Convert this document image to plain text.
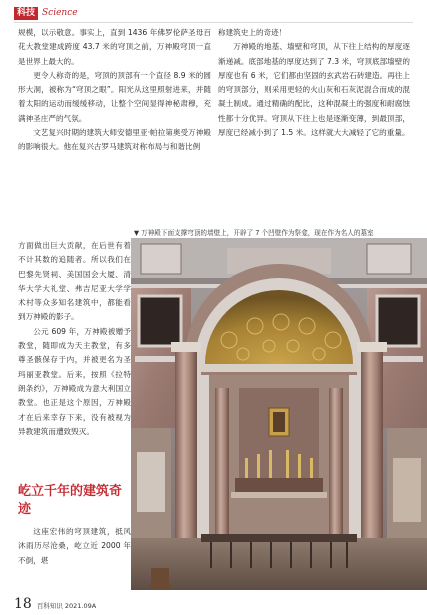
科技 Science

规模，以示敬意。事实上，直到 1436 年佛罗伦萨圣母百花大教堂建成跨度 43.7 米的穹顶之前，万神殿穹顶一直是世界上最大的。

更令人称奇的是，穹顶的顶部有一个直径 8.9 米的圆形大洞，被称为“穹顶之眼”。阳光从这里照射进来，并随着太阳的运动而缓缓移动，让整个空间显得神秘肃穆，充满神圣庄严的气氛。

文艺复兴时期的建筑大师安德里亚·帕拉第奥受万神殿的影响很大。他在复兴古罗马建筑对称布局与和谐比例

方面做出巨大贡献，在后世有着不计其数的追随者。所以我们在巴黎先贤祠、美国国会大厦、清华大学大礼堂、弗吉尼亚大学学术村等众多知名建筑中，都能看到万神殿的影子。

公元 609 年，万神殿被赠予教堂，随即成为天主教堂，有多尊圣骸保存于内，并被更名为圣玛丽亚教堂。后来，按照《拉特朗条约》，万神殿成为意大利国立教堂。也正是这个原因，万神殿才在后来幸存下来，没有被视为异教建筑而遭致毁灭。

屹立千年的建筑奇迹

这座宏伟的穹顶建筑，抵风沐雨历尽沧桑，屹立近 2000 年不倒，堪

称建筑史上的奇迹！

万神殿的地基、墙壁和穹顶，从下往上结构的厚度逐渐递减。底部地基的厚度达到了 7.3 米，穹顶底部墙壁的厚度也有 6 米，它们都由坚固的玄武岩石砖建造。再往上的穹顶部分，则采用更轻的火山灰和石灰泥混合而成的混凝土制成。通过精确的配比，这种混凝土的强度和耐腐蚀性都十分优异。穹顶从下往上也是逐渐变薄，到最顶部，厚度已经减小到了 1.5 米。这样就大大减轻了它的重量。

▼ 万神殿下面支撑穹顶的墙壁上，开辟了 7 个凹壁作为祭龛，现在作为名人的墓室
18 百科知识 2021.09A
